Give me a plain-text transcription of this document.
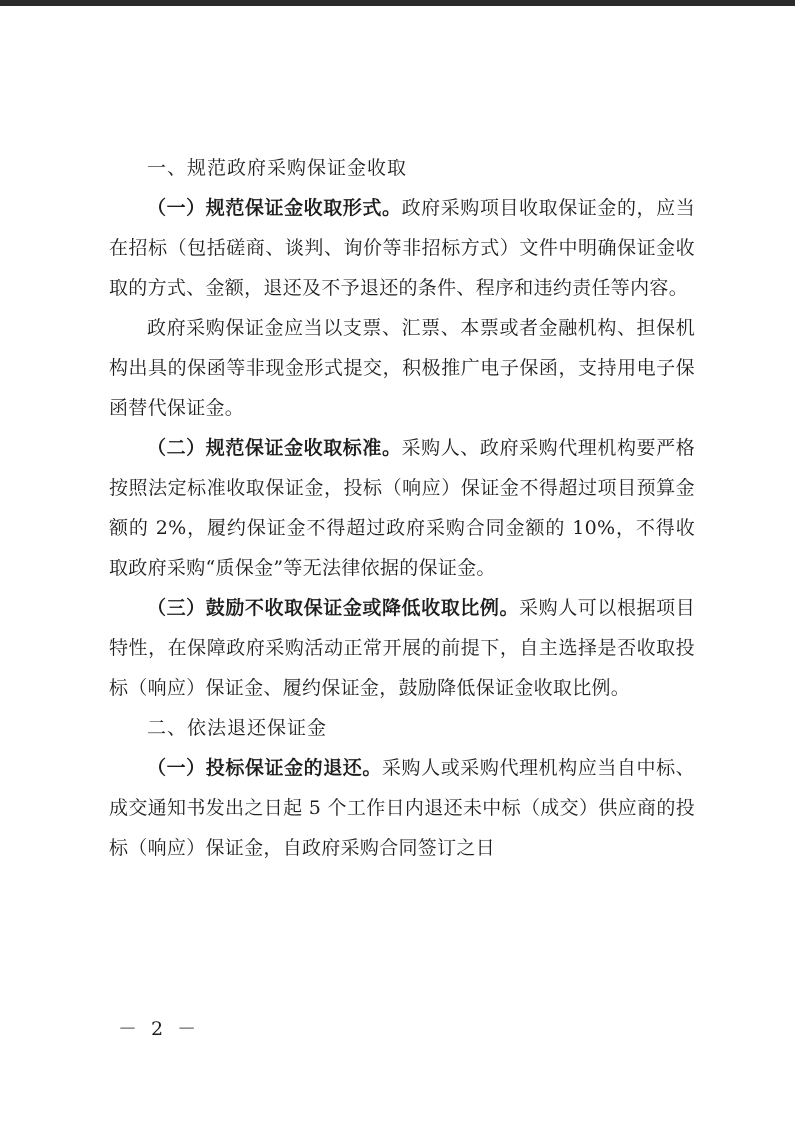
一、规范政府采购保证金收取

（一）规范保证金收取形式。政府采购项目收取保证金的，应当在招标（包括磋商、谈判、询价等非招标方式）文件中明确保证金收取的方式、金额，退还及不予退还的条件、程序和违约责任等内容。

政府采购保证金应当以支票、汇票、本票或者金融机构、担保机构出具的保函等非现金形式提交，积极推广电子保函，支持用电子保函替代保证金。

（二）规范保证金收取标准。采购人、政府采购代理机构要严格按照法定标准收取保证金，投标（响应）保证金不得超过项目预算金额的 2%，履约保证金不得超过政府采购合同金额的 10%，不得收取政府采购“质保金”等无法律依据的保证金。

（三）鼓励不收取保证金或降低收取比例。采购人可以根据项目特性，在保障政府采购活动正常开展的前提下，自主选择是否收取投标（响应）保证金、履约保证金，鼓励降低保证金收取比例。

二、依法退还保证金

（一）投标保证金的退还。采购人或采购代理机构应当自中标、成交通知书发出之日起 5 个工作日内退还未中标（成交）供应商的投标（响应）保证金，自政府采购合同签订之日

－ 2 －
